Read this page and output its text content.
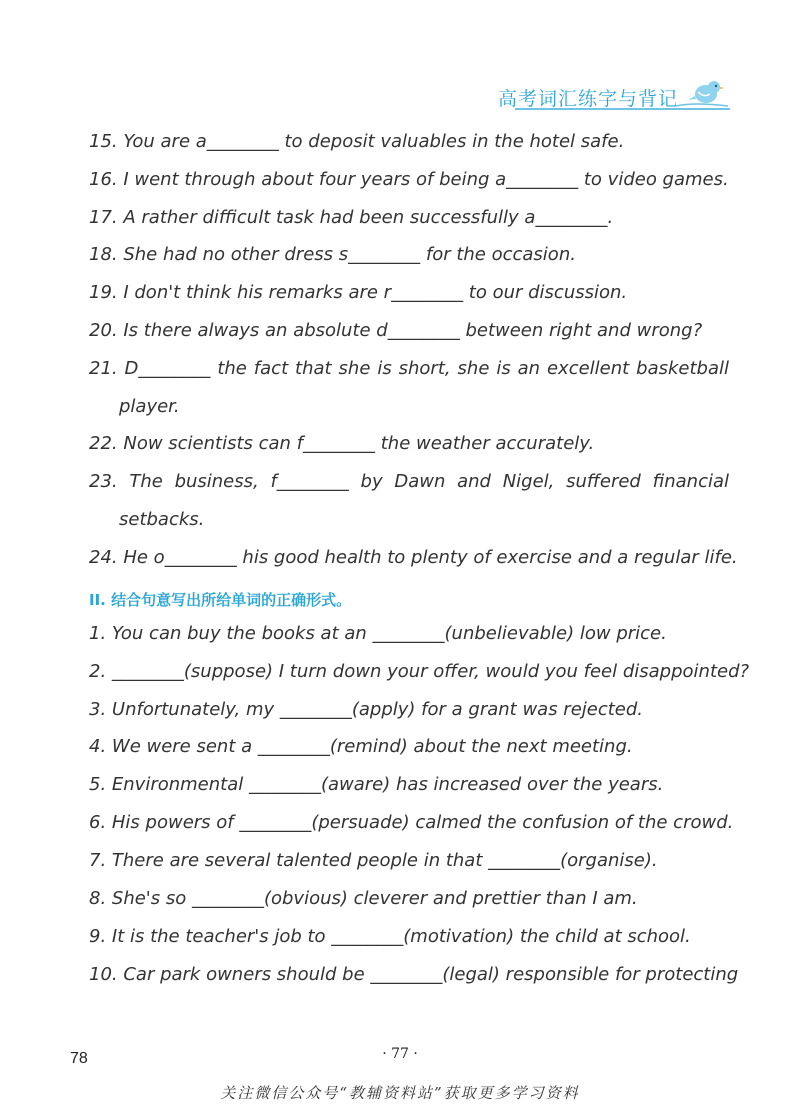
高考词汇练字与背记
15. You are a________ to deposit valuables in the hotel safe.
16. I went through about four years of being a________ to video games.
17. A rather difficult task had been successfully a________.
18. She had no other dress s________ for the occasion.
19. I don't think his remarks are r________ to our discussion.
20. Is there always an absolute d________ between right and wrong?
21. D________ the fact that she is short, she is an excellent basketball
player.
22. Now scientists can f________ the weather accurately.
23. The business, f________ by Dawn and Nigel, suffered financial
setbacks.
24. He o________ his good health to plenty of exercise and a regular life.
II. 结合句意写出所给单词的正确形式。
1. You can buy the books at an ________(unbelievable) low price.
2. ________(suppose) I turn down your offer, would you feel disappointed?
3. Unfortunately, my ________(apply) for a grant was rejected.
4. We were sent a ________(remind) about the next meeting.
5. Environmental ________(aware) has increased over the years.
6. His powers of ________(persuade) calmed the confusion of the crowd.
7. There are several talented people in that ________(organise).
8. She's so ________(obvious) cleverer and prettier than I am.
9. It is the teacher's job to ________(motivation) the child at school.
10. Car park owners should be ________(legal) responsible for protecting
78	· 77 ·
关注微信公众号“教辅资料站”获取更多学习资料
